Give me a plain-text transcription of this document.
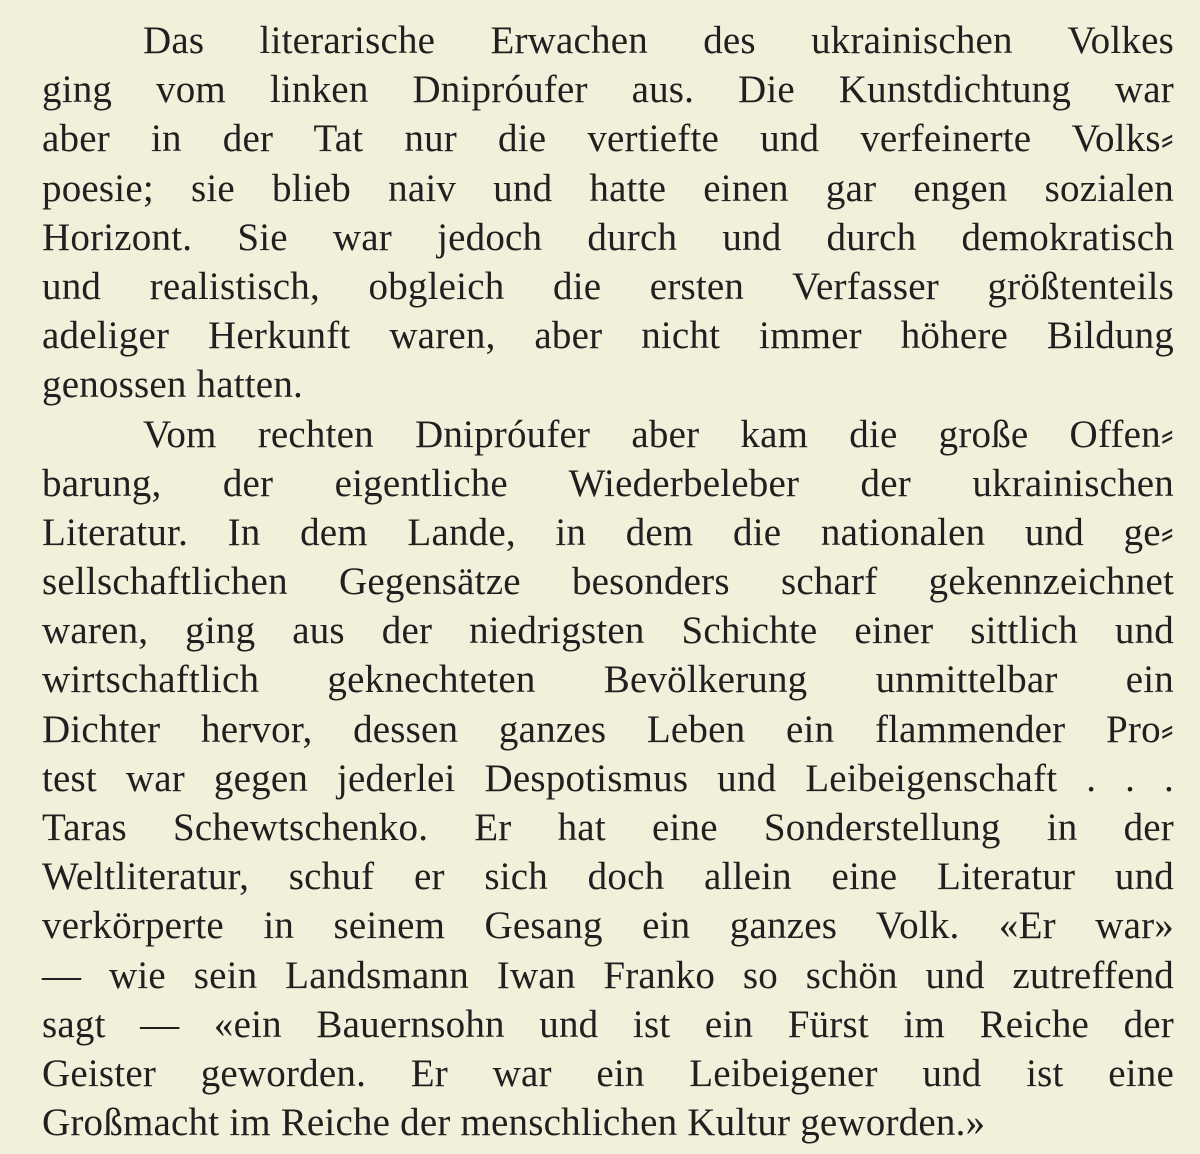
Das literarische Erwachen des ukrainischen Volkes
ging vom linken Dnipróufer aus. Die Kunstdichtung war
aber in der Tat nur die vertiefte und verfeinerte Volks⸗
poesie; sie blieb naiv und hatte einen gar engen sozialen
Horizont. Sie war jedoch durch und durch demokratisch
und realistisch, obgleich die ersten Verfasser größtenteils
adeliger Herkunft waren, aber nicht immer höhere Bildung
genossen hatten.
Vom rechten Dnipróufer aber kam die große Offen⸗
barung, der eigentliche Wiederbeleber der ukrainischen
Literatur. In dem Lande, in dem die nationalen und ge⸗
sellschaftlichen Gegensätze besonders scharf gekennzeichnet
waren, ging aus der niedrigsten Schichte einer sittlich und
wirtschaftlich geknechteten Bevölkerung unmittelbar ein
Dichter hervor, dessen ganzes Leben ein flammender Pro⸗
test war gegen jederlei Despotismus und Leibeigenschaft . . .
Taras Schewtschenko. Er hat eine Sonderstellung in der
Weltliteratur, schuf er sich doch allein eine Literatur und
verkörperte in seinem Gesang ein ganzes Volk. «Er war»
— wie sein Landsmann Iwan Franko so schön und zutreffend
sagt — «ein Bauernsohn und ist ein Fürst im Reiche der
Geister geworden. Er war ein Leibeigener und ist eine
Großmacht im Reiche der menschlichen Kultur geworden.»
